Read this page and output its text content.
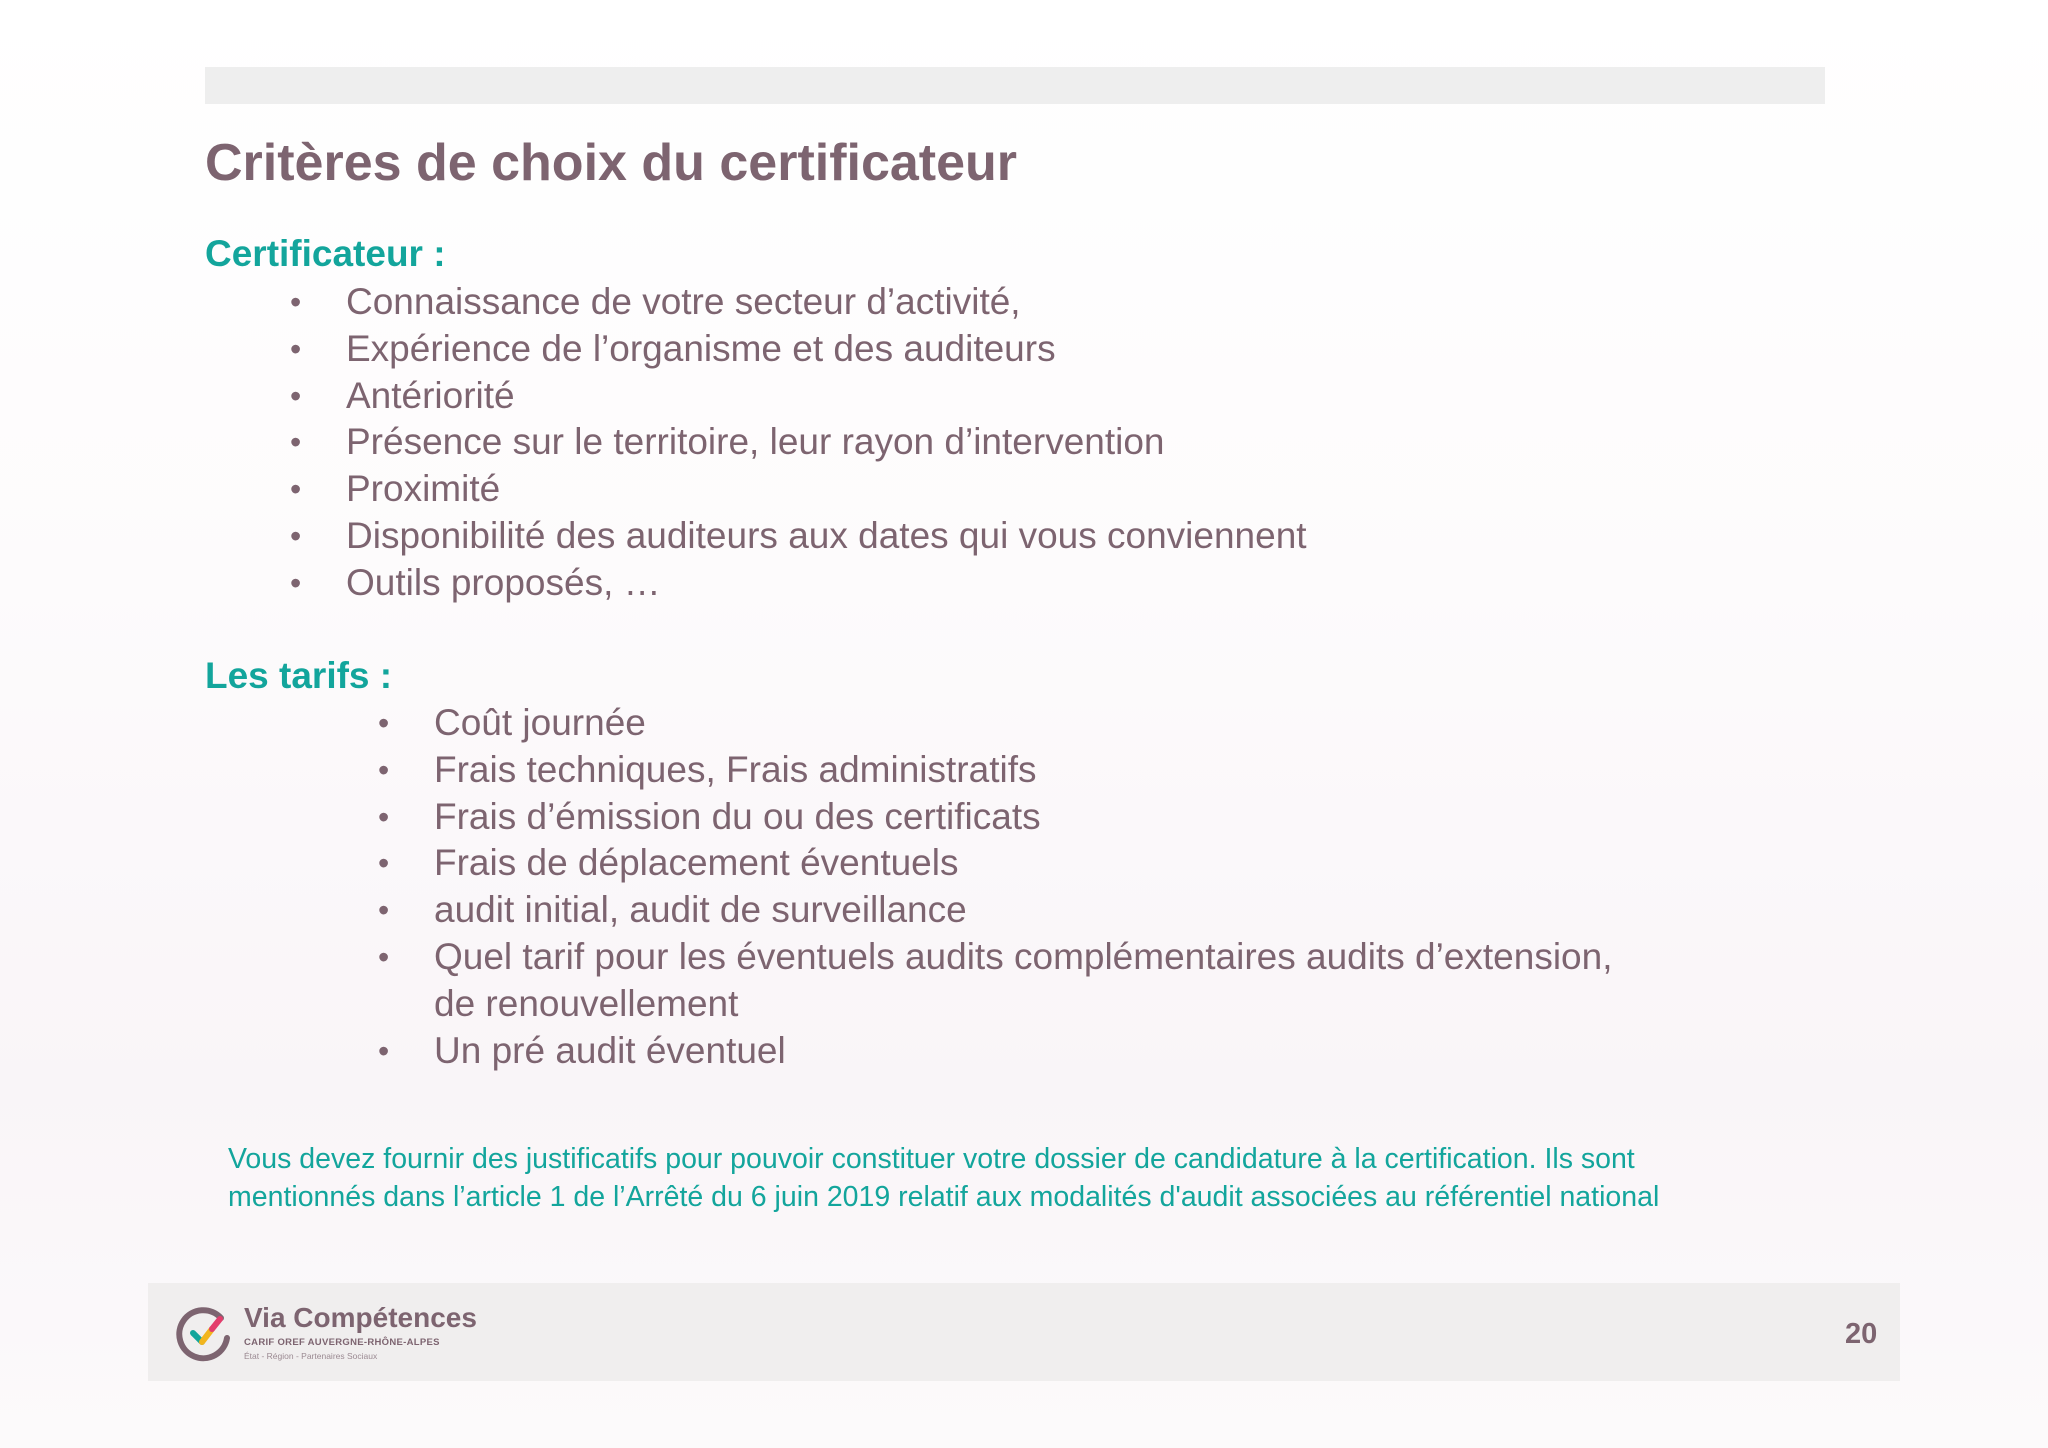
Critères de choix du certificateur
Certificateur :
• Connaissance de votre secteur d’activité,
• Expérience de l’organisme et des auditeurs
• Antériorité
• Présence sur le territoire, leur rayon d’intervention
• Proximité
• Disponibilité des auditeurs aux dates qui vous conviennent
• Outils proposés, …
Les tarifs :
• Coût journée
• Frais techniques, Frais administratifs
• Frais d’émission du ou des certificats
• Frais de déplacement éventuels
• audit initial, audit de surveillance
• Quel tarif pour les éventuels audits complémentaires audits d’extension,
de renouvellement
• Un pré audit éventuel

Vous devez fournir des justificatifs pour pouvoir constituer votre dossier de candidature à la certification. Ils sont
mentionnés dans l’article 1 de l’Arrêté du 6 juin 2019 relatif aux modalités d'audit associées au référentiel national

Via Compétences
CARIF OREF AUVERGNE-RHÔNE-ALPES
État - Région - Partenaires Sociaux
20
